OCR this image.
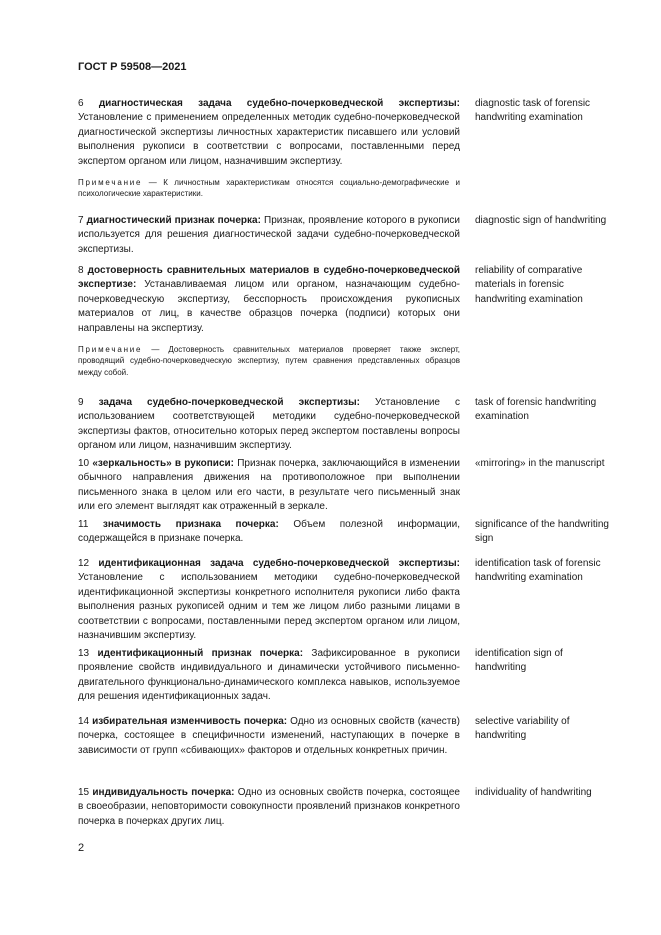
ГОСТ Р 59508—2021
6 диагностическая задача судебно-почерковедческой экспертизы: Установление с применением определенных методик судебно-почерковедческой диагностической экспертизы личностных характеристик писавшего или условий выполнения рукописи в соответствии с вопросами, поставленными перед экспертом органом или лицом, назначившим экспертизу.
Примечание — К личностным характеристикам относятся социально-демографические и психологические характеристики.
diagnostic task of forensic handwriting examination
7 диагностический признак почерка: Признак, проявление которого в рукописи используется для решения диагностической задачи судебно-почерковедческой экспертизы.
diagnostic sign of handwriting
8 достоверность сравнительных материалов в судебно-почерковедческой экспертизе: Устанавливаемая лицом или органом, назначающим судебно-почерковедческую экспертизу, бесспорность происхождения рукописных материалов от лиц, в качестве образцов почерка (подписи) которых они направлены на экспертизу.
Примечание — Достоверность сравнительных материалов проверяет также эксперт, проводящий судебно-почерковедческую экспертизу, путем сравнения представленных образцов между собой.
reliability of comparative materials in forensic handwriting examination
9 задача судебно-почерковедческой экспертизы: Установление с использованием соответствующей методики судебно-почерковедческой экспертизы фактов, относительно которых перед экспертом поставлены вопросы органом или лицом, назначившим экспертизу.
task of forensic handwriting examination
10 «зеркальность» в рукописи: Признак почерка, заключающийся в изменении обычного направления движения на противоположное при выполнении письменного знака в целом или его части, в результате чего письменный знак или его элемент выглядят как отраженный в зеркале.
«mirroring» in the manuscript
11 значимость признака почерка: Объем полезной информации, содержащейся в признаке почерка.
significance of the handwriting sign
12 идентификационная задача судебно-почерковедческой экспертизы: Установление с использованием методики судебно-почерковедческой идентификационной экспертизы конкретного исполнителя рукописи либо факта выполнения разных рукописей одним и тем же лицом либо разными лицами в соответствии с вопросами, поставленными перед экспертом органом или лицом, назначившим экспертизу.
identification task of forensic handwriting examination
13 идентификационный признак почерка: Зафиксированное в рукописи проявление свойств индивидуального и динамически устойчивого письменно-двигательного функционально-динамического комплекса навыков, используемое для решения идентификационных задач.
identification sign of handwriting
14 избирательная изменчивость почерка: Одно из основных свойств (качеств) почерка, состоящее в специфичности изменений, наступающих в почерке в зависимости от групп «сбивающих» факторов и отдельных конкретных причин.
selective variability of handwriting
15 индивидуальность почерка: Одно из основных свойств почерка, состоящее в своеобразии, неповторимости совокупности проявлений признаков конкретного почерка в почерках других лиц.
individuality of handwriting
2
